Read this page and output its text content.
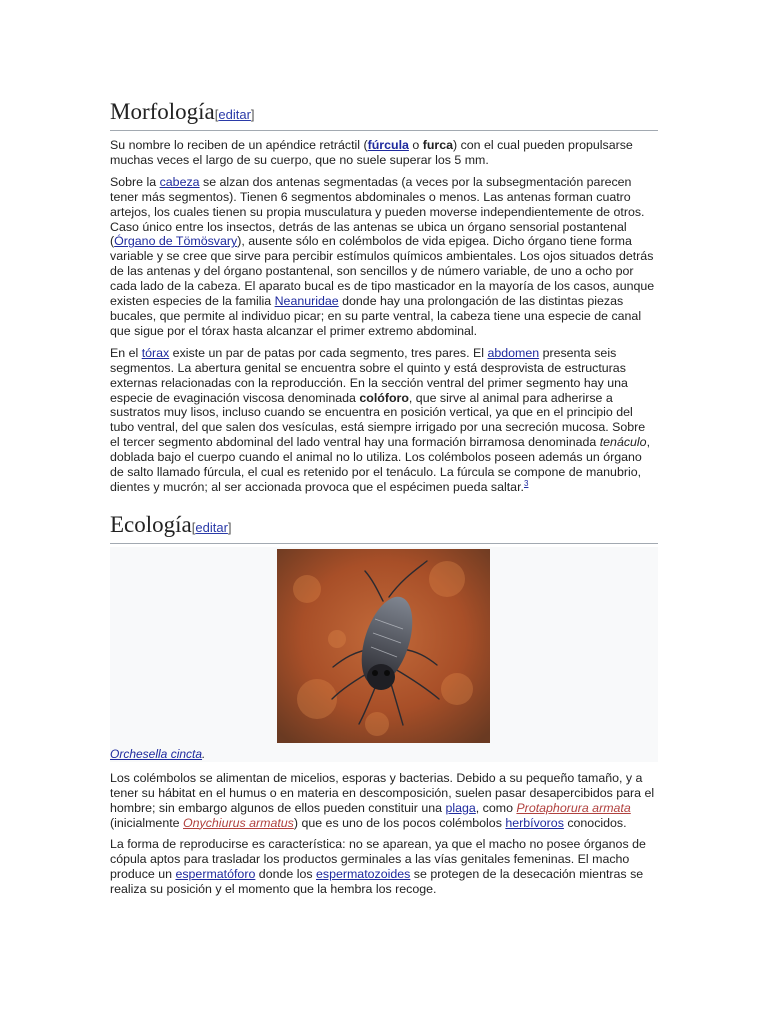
Morfología[editar]

Su nombre lo reciben de un apéndice retráctil (fúrcula o furca) con el cual pueden propulsarse muchas veces el largo de su cuerpo, que no suele superar los 5 mm.

Sobre la cabeza se alzan dos antenas segmentadas (a veces por la subsegmentación parecen tener más segmentos). Tienen 6 segmentos abdominales o menos. Las antenas forman cuatro artejos, los cuales tienen su propia musculatura y pueden moverse independientemente de otros. Caso único entre los insectos, detrás de las antenas se ubica un órgano sensorial postantenal (Órgano de Tömösvary), ausente sólo en colémbolos de vida epigea. Dicho órgano tiene forma variable y se cree que sirve para percibir estímulos químicos ambientales. Los ojos situados detrás de las antenas y del órgano postantenal, son sencillos y de número variable, de uno a ocho por cada lado de la cabeza. El aparato bucal es de tipo masticador en la mayoría de los casos, aunque existen especies de la familia Neanuridae donde hay una prolongación de las distintas piezas bucales, que permite al individuo picar; en su parte ventral, la cabeza tiene una especie de canal que sigue por el tórax hasta alcanzar el primer extremo abdominal.

En el tórax existe un par de patas por cada segmento, tres pares. El abdomen presenta seis segmentos. La abertura genital se encuentra sobre el quinto y está desprovista de estructuras externas relacionadas con la reproducción. En la sección ventral del primer segmento hay una especie de evaginación viscosa denominada colóforo, que sirve al animal para adherirse a sustratos muy lisos, incluso cuando se encuentra en posición vertical, ya que en el principio del tubo ventral, del que salen dos vesículas, está siempre irrigado por una secreción mucosa. Sobre el tercer segmento abdominal del lado ventral hay una formación birramosa denominada tenáculo, doblada bajo el cuerpo cuando el animal no lo utiliza. Los colémbolos poseen además un órgano de salto llamado fúrcula, el cual es retenido por el tenáculo. La fúrcula se compone de manubrio, dientes y mucrón; al ser accionada provoca que el espécimen pueda saltar.$^3$

Ecología[editar]
Orchesella cincta.

Los colémbolos se alimentan de micelios, esporas y bacterias. Debido a su pequeño tamaño, y a tener su hábitat en el humus o en materia en descomposición, suelen pasar desapercibidos para el hombre; sin embargo algunos de ellos pueden constituir una plaga, como Protaphorura armata (inicialmente Onychiurus armatus) que es uno de los pocos colémbolos herbívoros conocidos.

La forma de reproducirse es característica: no se aparean, ya que el macho no posee órganos de cópula aptos para trasladar los productos germinales a las vías genitales femeninas. El macho produce un espermatóforo donde los espermatozoides se protegen de la desecación mientras se realiza su posición y el momento que la hembra los recoge.
